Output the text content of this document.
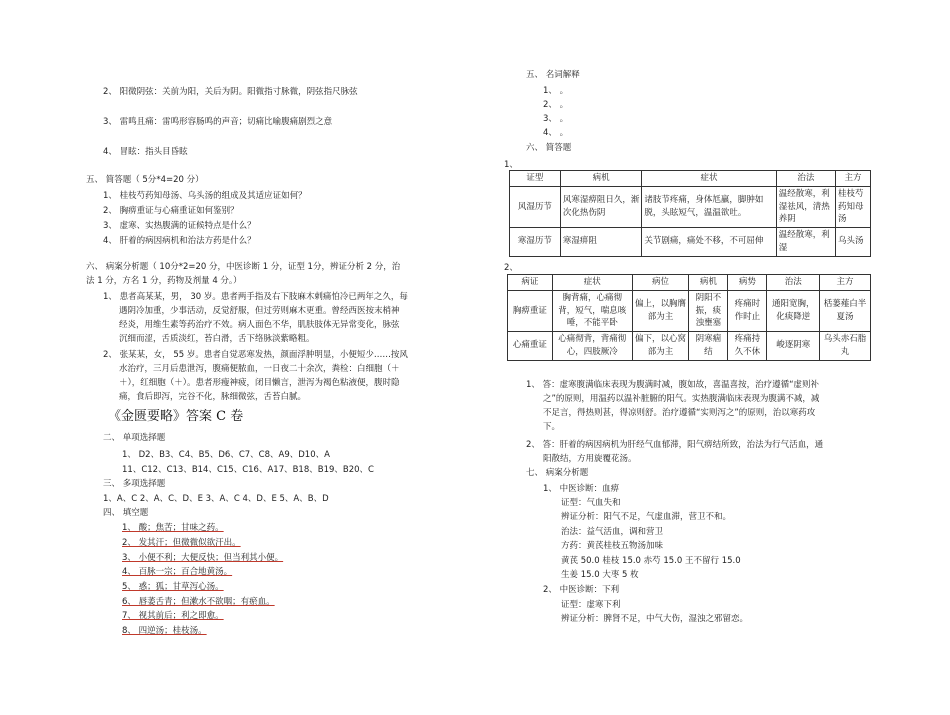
2、 阳微阴弦：关前为阳，关后为阴。阳微指寸脉微，阴弦指尺脉弦
3、 雷鸣且痛：雷鸣形容肠鸣的声音；切痛比喻腹痛剧烈之意
4、 冒眩：指头目昏眩
五、 简答题（ 5分*4=20 分）
1、 桂枝芍药知母汤、乌头汤的组成及其适应证如何？
2、 胸痹重证与心痛重证如何鉴别？
3、 虚寒、实热腹满的证候特点是什么？
4、 肝着的病因病机和治法方药是什么？
六、 病案分析题（ 10分*2=20 分，中医诊断 1 分，证型 1分，辨证分析 2 分，治
法 1 分，方名 1 分，药物及剂量 4 分。）
1、 患者高某某，男， 30 岁。患者两手指及右下肢麻木剌痛怕冷已两年之久，每
遇阴冷加重，少事活动，反觉舒服，但过劳则麻木更重。曾经西医按末梢神
经炎，用维生素等药治疗不效。病人面色不华，肌肤肢体无异常变化，脉弦
沉细而涩，舌质淡红，苔白滑，舌下络脉淡紫略粗。
2、 张某某，女， 55 岁。患者自觉恶寒发热，颜面浮肿明显，小便短少……按风
水治疗，三月后患泄泻，腹痛便脓血，一日夜二十余次，粪检：白细胞（＋
＋），红细胞（＋）。患者形瘦神疲，闭目懒言，泄泻为褐色粘液便，腹时隐
痛，食后即泻，完谷不化，脉细微弦，舌苔白腻。
《金匮要略》答案 C 卷
二、 单项选择题
1、 D2、B3、C4、B5、D6、C7、C8、A9、D10、A
11、C12、C13、B14、C15、C16、A17、B18、B19、B20、C
三、 多项选择题
1、A、C 2、A、C、D、E 3、A、C 4、D、E 5、A、B、D
四、 填空题
1、 酸；焦苦；甘味之药。
2、 发其汗；但微微似欲汗出。
3、 小便不利；大便反快；但当利其小便。
4、 百脉一宗；百合地黄汤。
5、 惑；狐；甘草泻心汤。
6、 唇萎舌青；但漱水不欲咽；有瘀血。
7、 视其前后；利之即愈。
8、 四逆汤；桂枝汤。
五、 名词解释
1、 。
2、 。
3、 。
4、 。
六、 简答题
1、
证型	病机	症状	治法	主方
风湿历节	风寒湿痹阻日久，渐次化热伤阴	诸肢节疼痛，身体尪羸，脚肿如脱，头眩短气，温温欲吐。	温经散寒，利湿祛风，清热养阴	桂枝芍药知母汤
寒湿历节	寒湿痹阻	关节剧痛，痛处不移，不可屈伸	温经散寒，利湿	乌头汤
2、
病证	症状	病位	病机	病势	治法	主方
胸痹重证	胸背痛，心痛彻背，短气，喘息咳唾，不能平卧	偏上，以胸膺部为主	阴阳不振，痰浊壅塞	疼痛时作时止	通阳宽胸，化痰降逆	栝蒌薤白半夏汤
心痛重证	心痛彻背，背痛彻心，四肢厥冷	偏下，以心窝部为主	阴寒痼结	疼痛持久不休	峻逐阴寒	乌头赤石脂丸
1、 答：虚寒腹满临床表现为腹满时减，腹如故，喜温喜按，治疗遵循“虚则补
之”的原则，用温药以温补脏腑的阳气。实热腹满临床表现为腹满不减，减
不足言，得热则甚，得凉则舒。治疗遵循“实则泻之”的原则，治以寒药攻
下。
2、 答：肝着的病因病机为肝经气血郁滞，阳气痹结所致，治法为行气活血，通
阳散结，方用旋覆花汤。
七、 病案分析题
1、 中医诊断：血痹
证型：气血失和
辨证分析：阳气不足，气虚血滞，营卫不和。
治法：益气活血，调和营卫
方药：黄芪桂枝五物汤加味
黄芪 50.0 桂枝 15.0 赤芍 15.0 王不留行 15.0
生姜 15.0 大枣 5 枚
2、 中医诊断：下利
证型：虚寒下利
辨证分析：脾肾不足，中气大伤，湿浊之邪留恋。
